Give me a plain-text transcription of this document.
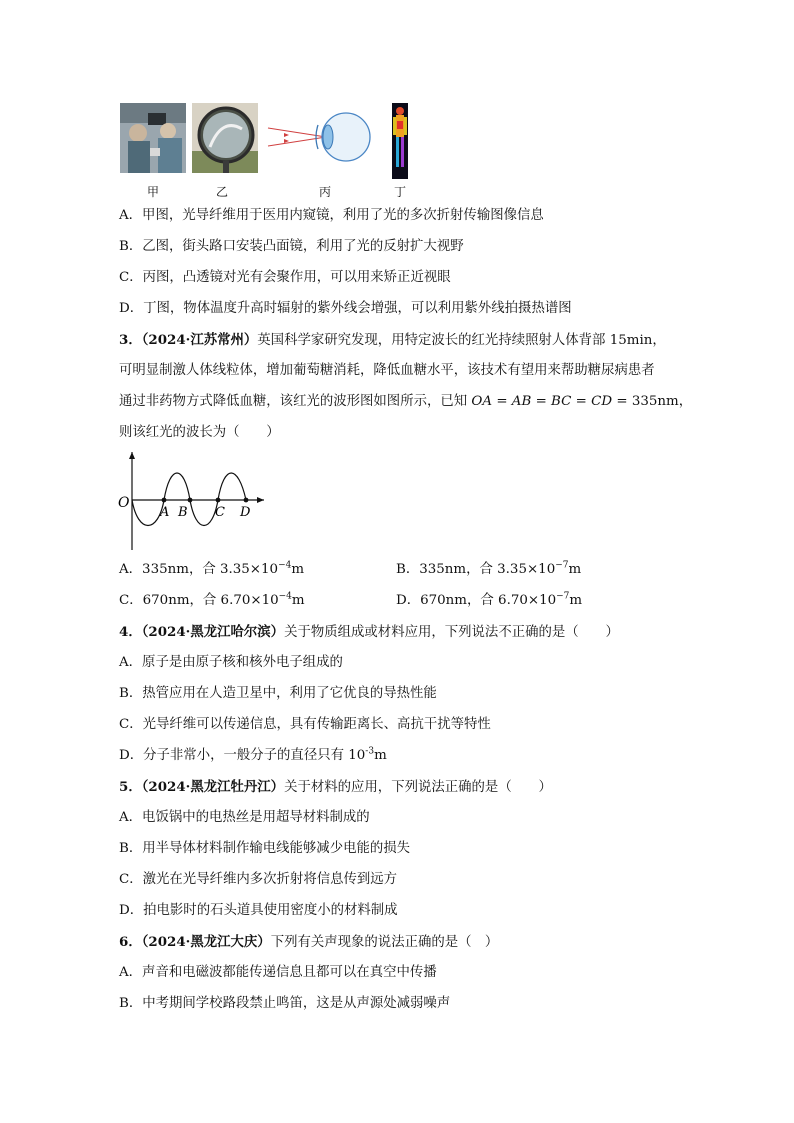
甲	乙	丙	丁
A．甲图，光导纤维用于医用内窥镜，利用了光的多次折射传输图像信息
B．乙图，街头路口安装凸面镜，利用了光的反射扩大视野
C．丙图，凸透镜对光有会聚作用，可以用来矫正近视眼
D．丁图，物体温度升高时辐射的紫外线会增强，可以利用紫外线拍摄热谱图
3．（2024·江苏常州）英国科学家研究发现，用特定波长的红光持续照射人体背部 15min，
可明显制激人体线粒体，增加葡萄糖消耗，降低血糖水平，该技术有望用来帮助糖尿病患者
通过非药物方式降低血糖，该红光的波形图如图所示，已知 OA = AB = BC = CD = 335nm，
则该红光的波长为（　　）
O
A B C D
A．335nm，合 $3.35\times 10^{-4}m$	B．335nm，合 $3.35\times 10^{-7}m$
C．670nm，合 $6.70\times 10^{-4}m$	D．670nm，合 $6.70\times 10^{-7}m$
4．（2024·黑龙江哈尔滨）关于物质组成或材料应用，下列说法不正确的是（　　）
A．原子是由原子核和核外电子组成的
B．热管应用在人造卫星中，利用了它优良的导热性能
C．光导纤维可以传递信息，具有传输距离长、高抗干扰等特性
D．分子非常小，一般分子的直径只有 $10^{-3}m$
5．（2024·黑龙江牡丹江）关于材料的应用，下列说法正确的是（　　）
A．电饭锅中的电热丝是用超导材料制成的
B．用半导体材料制作输电线能够减少电能的损失
C．激光在光导纤维内多次折射将信息传到远方
D．拍电影时的石头道具使用密度小的材料制成
6．（2024·黑龙江大庆）下列有关声现象的说法正确的是（　）
A．声音和电磁波都能传递信息且都可以在真空中传播
B．中考期间学校路段禁止鸣笛，这是从声源处减弱噪声
